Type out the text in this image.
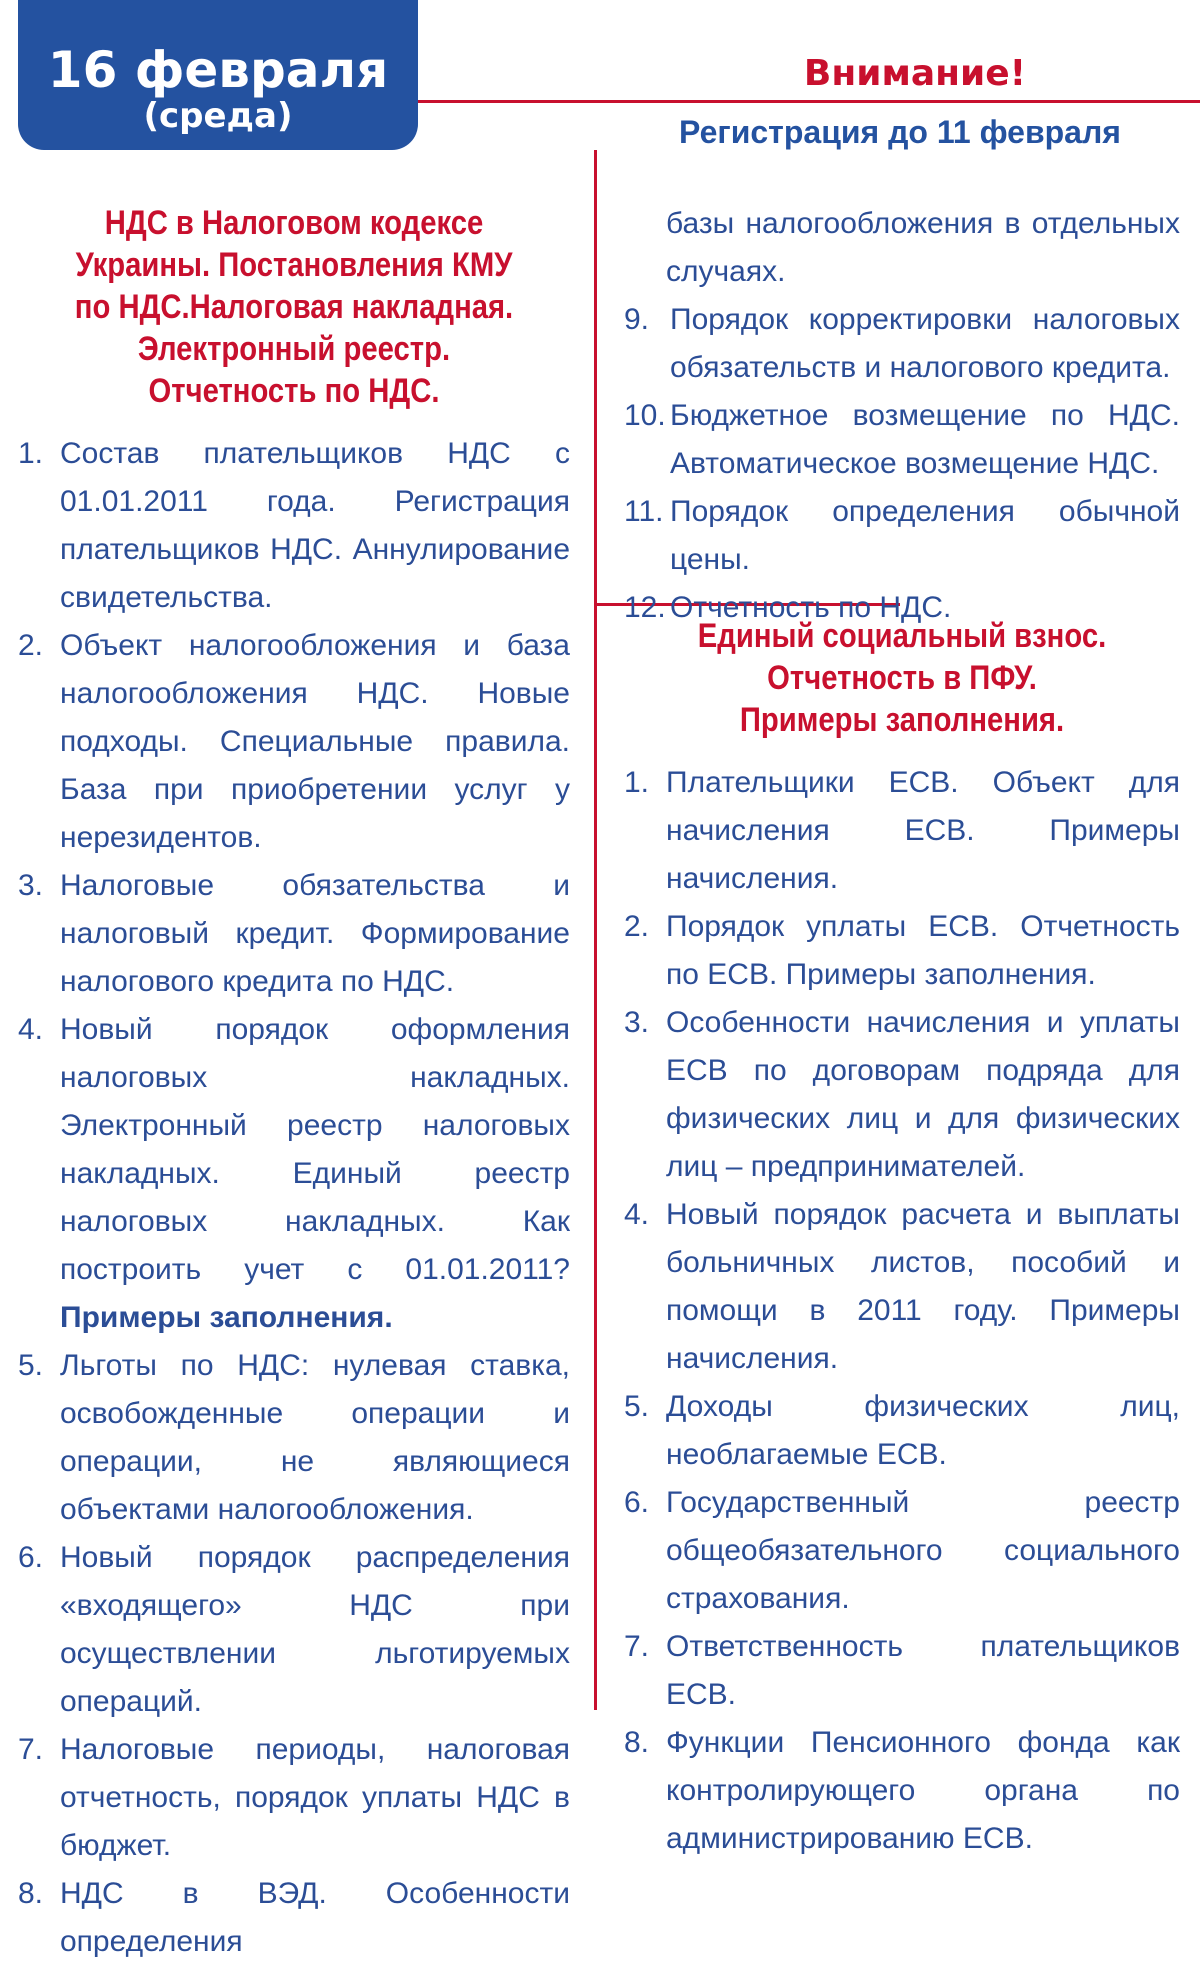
16 февраля
(среда)
Внимание!
Регистрация до 11 февраля
НДС в Налоговом кодексе
Украины. Постановления КМУ
по НДС.Налоговая накладная.
Электронный реестр.
Отчетность по НДС.
1. Состав плательщиков НДС с 01.01.2011 года. Регистрация плательщиков НДС. Аннулирование свидетельства.
2. Объект налогообложения и база налогообложения НДС. Новые подходы. Специальные правила. База при приобретении услуг у нерезидентов.
3. Налоговые обязательства и налоговый кредит. Формирование налогового кредита по НДС.
4. Новый порядок оформления налоговых накладных. Электронный реестр налоговых накладных. Единый реестр налоговых накладных. Как построить учет с 01.01.2011? Примеры заполнения.
5. Льготы по НДС: нулевая ставка, освобожденные операции и операции, не являющиеся объектами налогообложения.
6. Новый порядок распределения «входящего» НДС при осуществлении льготируемых операций.
7. Налоговые периоды, налоговая отчетность, порядок уплаты НДС в бюджет.
8. НДС в ВЭД. Особенности определения
базы налогообложения в отдельных случаях.
9. Порядок корректировки налоговых обязательств и налогового кредита.
10. Бюджетное возмещение по НДС. Автоматическое возмещение НДС.
11. Порядок определения обычной цены.
12. Отчетность по НДС.
Единый социальный взнос.
Отчетность в ПФУ.
Примеры заполнения.
1. Плательщики ЕСВ. Объект для начисления ЕСВ. Примеры начисления.
2. Порядок уплаты ЕСВ. Отчетность по ЕСВ. Примеры заполнения.
3. Особенности начисления и уплаты ЕСВ по договорам подряда для физических лиц и для физических лиц – предпринимателей.
4. Новый порядок расчета и выплаты больничных листов, пособий и помощи в 2011 году. Примеры начисления.
5. Доходы физических лиц, необлагаемые ЕСВ.
6. Государственный реестр общеобязательного социального страхования.
7. Ответственность плательщиков ЕСВ.
8. Функции Пенсионного фонда как контролирующего органа по администрированию ЕСВ.
